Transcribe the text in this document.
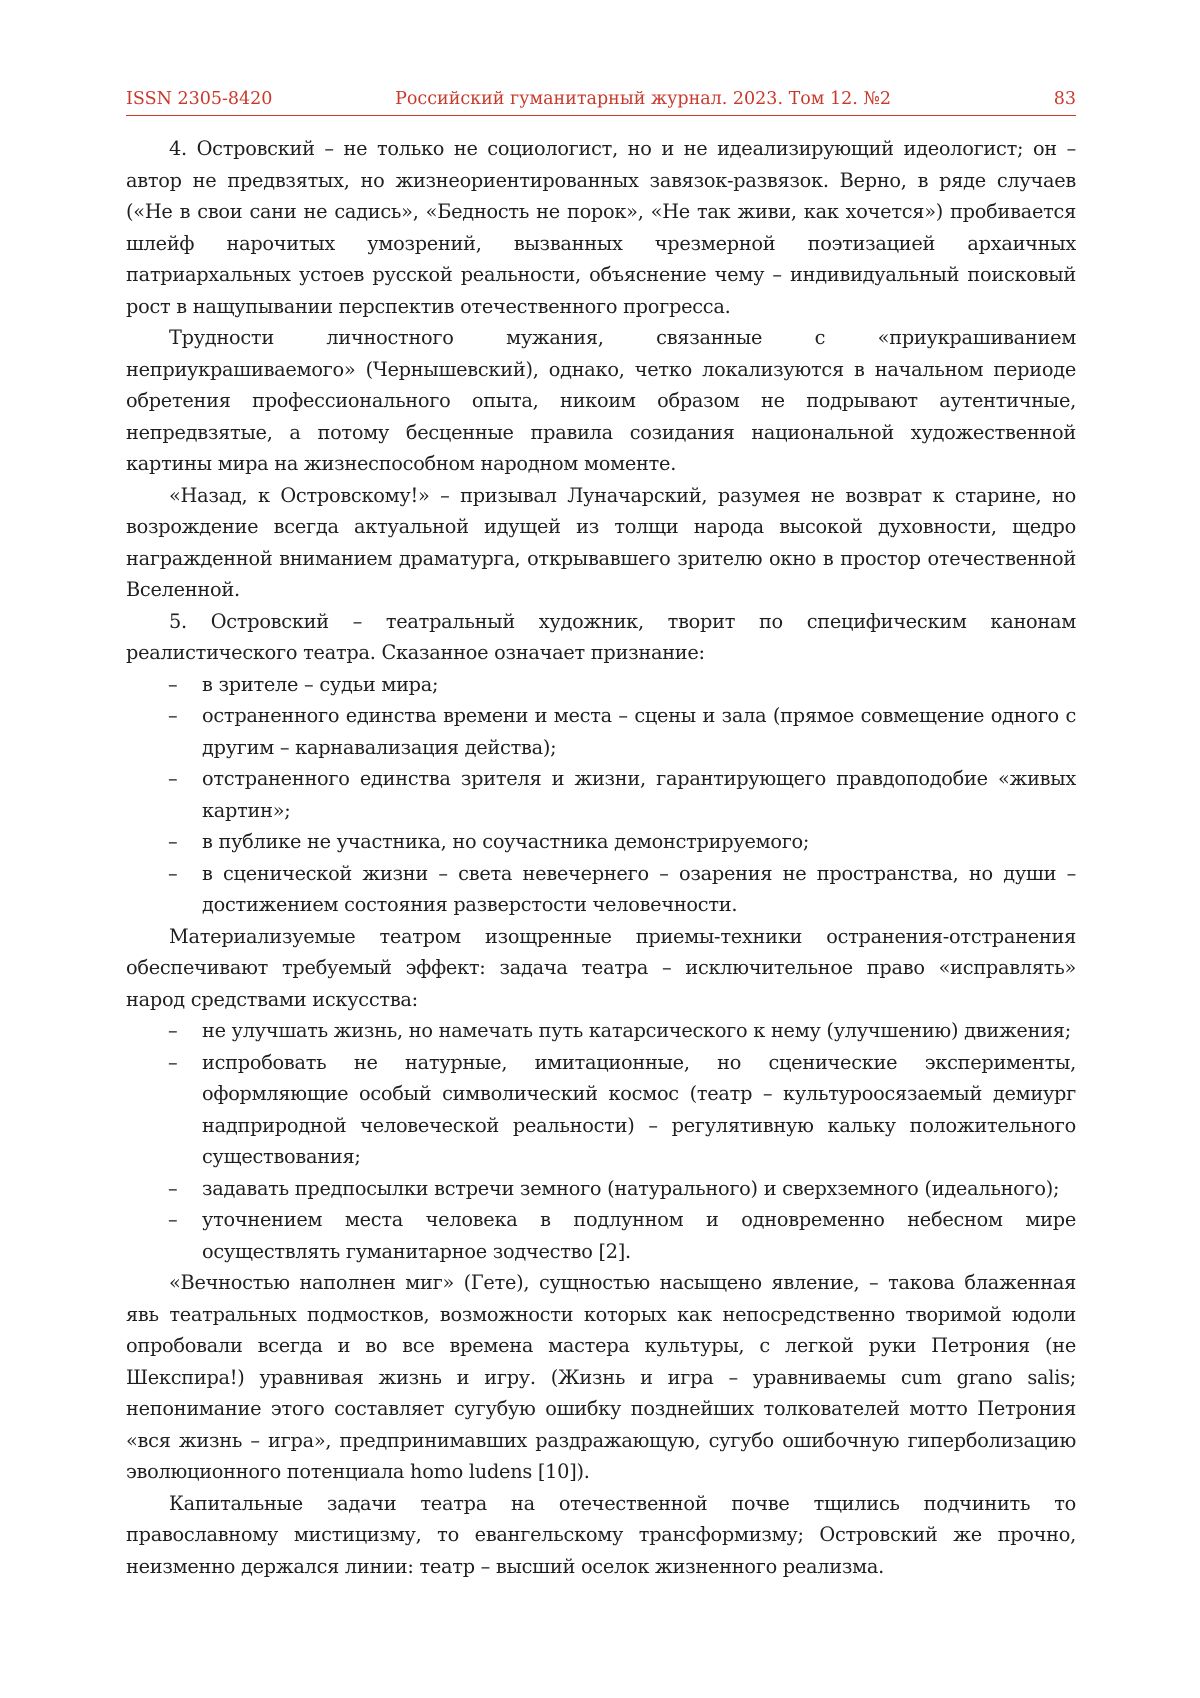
ISSN 2305-8420	Российский гуманитарный журнал. 2023. Том 12. №2	83

4. Островский – не только не социологист, но и не идеализирующий идеологист; он – автор не предвзятых, но жизнеориентированных завязок-развязок. Верно, в ряде случаев («Не в свои сани не садись», «Бедность не порок», «Не так живи, как хочется») пробивается шлейф нарочитых умозрений, вызванных чрезмерной поэтизацией архаичных патриархальных устоев русской реальности, объяснение чему – индивидуальный поисковый рост в нащупывании перспектив отечественного прогресса.

Трудности личностного мужания, связанные с «приукрашиванием неприукрашиваемого» (Чернышевский), однако, четко локализуются в начальном периоде обретения профессионального опыта, никоим образом не подрывают аутентичные, непредвзятые, а потому бесценные правила созидания национальной художественной картины мира на жизнеспособном народном моменте.

«Назад, к Островскому!» – призывал Луначарский, разумея не возврат к старине, но возрождение всегда актуальной идущей из толщи народа высокой духовности, щедро награжденной вниманием драматурга, открывавшего зрителю окно в простор отечественной Вселенной.

5. Островский – театральный художник, творит по специфическим канонам реалистического театра. Сказанное означает признание:

– в зрителе – судьи мира;
– остраненного единства времени и места – сцены и зала (прямое совмещение одного с другим – карнавализация действа);
– отстраненного единства зрителя и жизни, гарантирующего правдоподобие «живых картин»;
– в публике не участника, но соучастника демонстрируемого;
– в сценической жизни – света невечернего – озарения не пространства, но души – достижением состояния разверстости человечности.

Материализуемые театром изощренные приемы-техники остранения-отстранения обеспечивают требуемый эффект: задача театра – исключительное право «исправлять» народ средствами искусства:

– не улучшать жизнь, но намечать путь катарсического к нему (улучшению) движения;
– испробовать не натурные, имитационные, но сценические эксперименты, оформляющие особый символический космос (театр – культуроосязаемый демиург надприродной человеческой реальности) – регулятивную кальку положительного существования;
– задавать предпосылки встречи земного (натурального) и сверхземного (идеального);
– уточнением места человека в подлунном и одновременно небесном мире осуществлять гуманитарное зодчество [2].

«Вечностью наполнен миг» (Гете), сущностью насыщено явление, – такова блаженная явь театральных подмостков, возможности которых как непосредственно творимой юдоли опробовали всегда и во все времена мастера культуры, с легкой руки Петрония (не Шекспира!) уравнивая жизнь и игру. (Жизнь и игра – уравниваемы cum grano salis; непонимание этого составляет сугубую ошибку позднейших толкователей мотто Петрония «вся жизнь – игра», предпринимавших раздражающую, сугубо ошибочную гиперболизацию эволюционного потенциала homo ludens [10]).

Капитальные задачи театра на отечественной почве тщились подчинить то православному мистицизму, то евангельскому трансформизму; Островский же прочно, неизменно держался линии: театр – высший оселок жизненного реализма.
